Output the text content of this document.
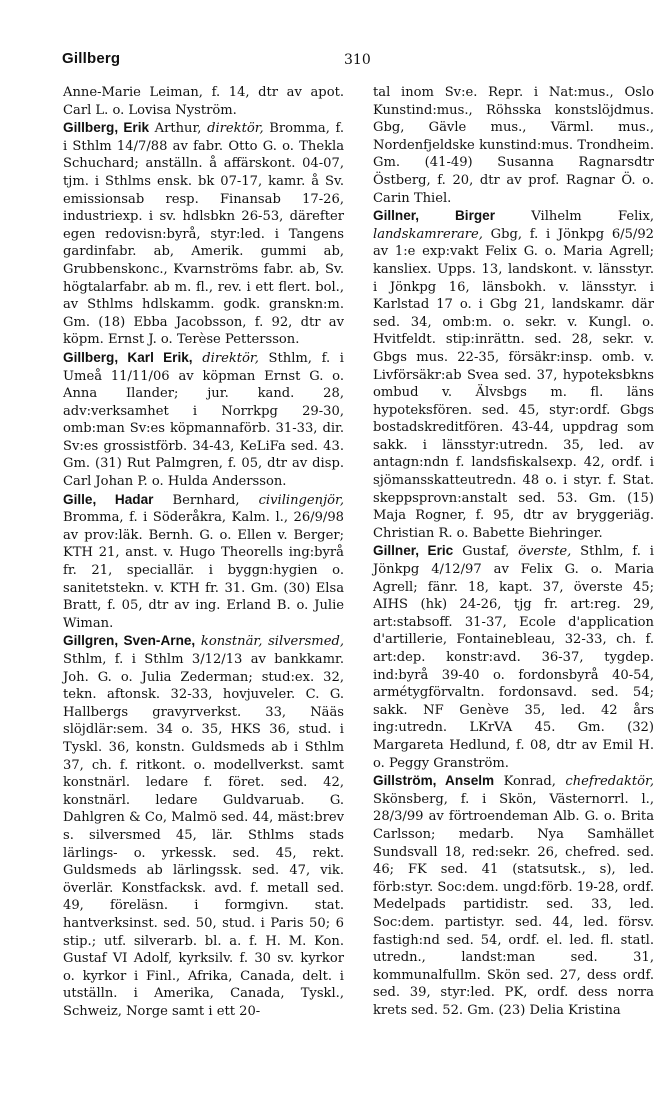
Gillberg	310

Anne-Marie Leiman, f. 14, dtr av apot. Carl L. o. Lovisa Nyström.

Gillberg, Erik Arthur, direktör, Bromma, f. i Sthlm 14/7/88 av fabr. Otto G. o. Thekla Schuchard; anställn. å affärskont. 04-07, tjm. i Sthlms ensk. bk 07-17, kamr. å Sv. emissionsab resp. Finansab 17-26, industriexp. i sv. hdlsbkn 26-53, därefter egen redovisn:byrå, styr:led. i Tangens gardinfabr. ab, Amerik. gummi ab, Grubbenskonc., Kvarnströms fabr. ab, Sv. högtalarfabr. ab m. fl., rev. i ett flert. bol., av Sthlms hdlskamm. godk. granskn:m. Gm. (18) Ebba Jacobsson, f. 92, dtr av köpm. Ernst J. o. Terèse Pettersson.

Gillberg, Karl Erik, direktör, Sthlm, f. i Umeå 11/11/06 av köpman Ernst G. o. Anna Ilander; jur. kand. 28, adv:verksamhet i Norrkpg 29-30, omb:man Sv:es köpmannaförb. 31-33, dir. Sv:es grossistförb. 34-43, KeLiFa sed. 43. Gm. (31) Rut Palmgren, f. 05, dtr av disp. Carl Johan P. o. Hulda Andersson.

Gille, Hadar Bernhard, civilingenjör, Bromma, f. i Söderåkra, Kalm. l., 26/9/98 av prov:läk. Bernh. G. o. Ellen v. Berger; KTH 21, anst. v. Hugo Theorells ing:byrå fr. 21, speciallär. i byggn:hygien o. sanitetstekn. v. KTH fr. 31. Gm. (30) Elsa Bratt, f. 05, dtr av ing. Erland B. o. Julie Wiman.

Gillgren, Sven-Arne, konstnär, silversmed, Sthlm, f. i Sthlm 3/12/13 av bankkamr. Joh. G. o. Julia Zederman; stud:ex. 32, tekn. aftonsk. 32-33, hovjuveler. C. G. Hallbergs gravyrverkst. 33, Nääs slöjdlär:sem. 34 o. 35, HKS 36, stud. i Tyskl. 36, konstn. Guldsmeds ab i Sthlm 37, ch. f. ritkont. o. modellverkst. samt konstnärl. ledare f. föret. sed. 42, konstnärl. ledare Guldvaruab. G. Dahlgren & Co, Malmö sed. 44, mäst:brev s. silversmed 45, lär. Sthlms stads lärlings- o. yrkessk. sed. 45, rekt. Guldsmeds ab lärlingssk. sed. 47, vik. överlär. Konstfacksk. avd. f. metall sed. 49, föreläsn. i formgivn. stat. hantverksinst. sed. 50, stud. i Paris 50; 6 stip.; utf. silverarb. bl. a. f. H. M. Kon. Gustaf VI Adolf, kyrksilv. f. 30 sv. kyrkor o. kyrkor i Finl., Afrika, Canada, delt. i utställn. i Amerika, Canada, Tyskl., Schweiz, Norge samt i ett 20-

tal inom Sv:e. Repr. i Nat:mus., Oslo Kunstind:mus., Röhsska konstslöjdmus. Gbg, Gävle mus., Värml. mus., Nordenfjeldske kunstind:mus. Trondheim. Gm. (41-49) Susanna Ragnarsdtr Östberg, f. 20, dtr av prof. Ragnar Ö. o. Carin Thiel.

Gillner, Birger Vilhelm Felix, landskamrerare, Gbg, f. i Jönkpg 6/5/92 av 1:e exp:vakt Felix G. o. Maria Agrell; kansliex. Upps. 13, landskont. v. länsstyr. i Jönkpg 16, länsbokh. v. länsstyr. i Karlstad 17 o. i Gbg 21, landskamr. där sed. 34, omb:m. o. sekr. v. Kungl. o. Hvitfeldt. stip:inrättn. sed. 28, sekr. v. Gbgs mus. 22-35, försäkr:insp. omb. v. Livförsäkr:ab Svea sed. 37, hypoteksbkns ombud v. Älvsbgs m. fl. läns hypoteksfören. sed. 45, styr:ordf. Gbgs bostadskreditfören. 43-44, uppdrag som sakk. i länsstyr:utredn. 35, led. av antagn:ndn f. landsfiskalsexp. 42, ordf. i sjömansskatteutredn. 48 o. i styr. f. Stat. skeppsprovn:anstalt sed. 53. Gm. (15) Maja Rogner, f. 95, dtr av bryggeriäg. Christian R. o. Babette Biehringer.

Gillner, Eric Gustaf, överste, Sthlm, f. i Jönkpg 4/12/97 av Felix G. o. Maria Agrell; fänr. 18, kapt. 37, överste 45; AIHS (hk) 24-26, tjg fr. art:reg. 29, art:stabsoff. 31-37, Ecole d'application d'artillerie, Fontainebleau, 32-33, ch. f. art:dep. konstr:avd. 36-37, tygdep. ind:byrå 39-40 o. fordonsbyrå 40-54, armétygförvaltn. fordonsavd. sed. 54; sakk. NF Genève 35, led. 42 års ing:utredn. LKrVA 45. Gm. (32) Margareta Hedlund, f. 08, dtr av Emil H. o. Peggy Granström.

Gillström, Anselm Konrad, chefredaktör, Skönsberg, f. i Skön, Västernorrl. l., 28/3/99 av förtroendeman Alb. G. o. Brita Carlsson; medarb. Nya Samhället Sundsvall 18, red:sekr. 26, chefred. sed. 46; FK sed. 41 (statsutsk., s), led. förb:styr. Soc:dem. ungd:förb. 19-28, ordf. Medelpads partidistr. sed. 33, led. Soc:dem. partistyr. sed. 44, led. försv. fastigh:nd sed. 54, ordf. el. led. fl. statl. utredn., landst:man sed. 31, kommunalfullm. Skön sed. 27, dess ordf. sed. 39, styr:led. PK, ordf. dess norra krets sed. 52. Gm. (23) Delia Kristina
